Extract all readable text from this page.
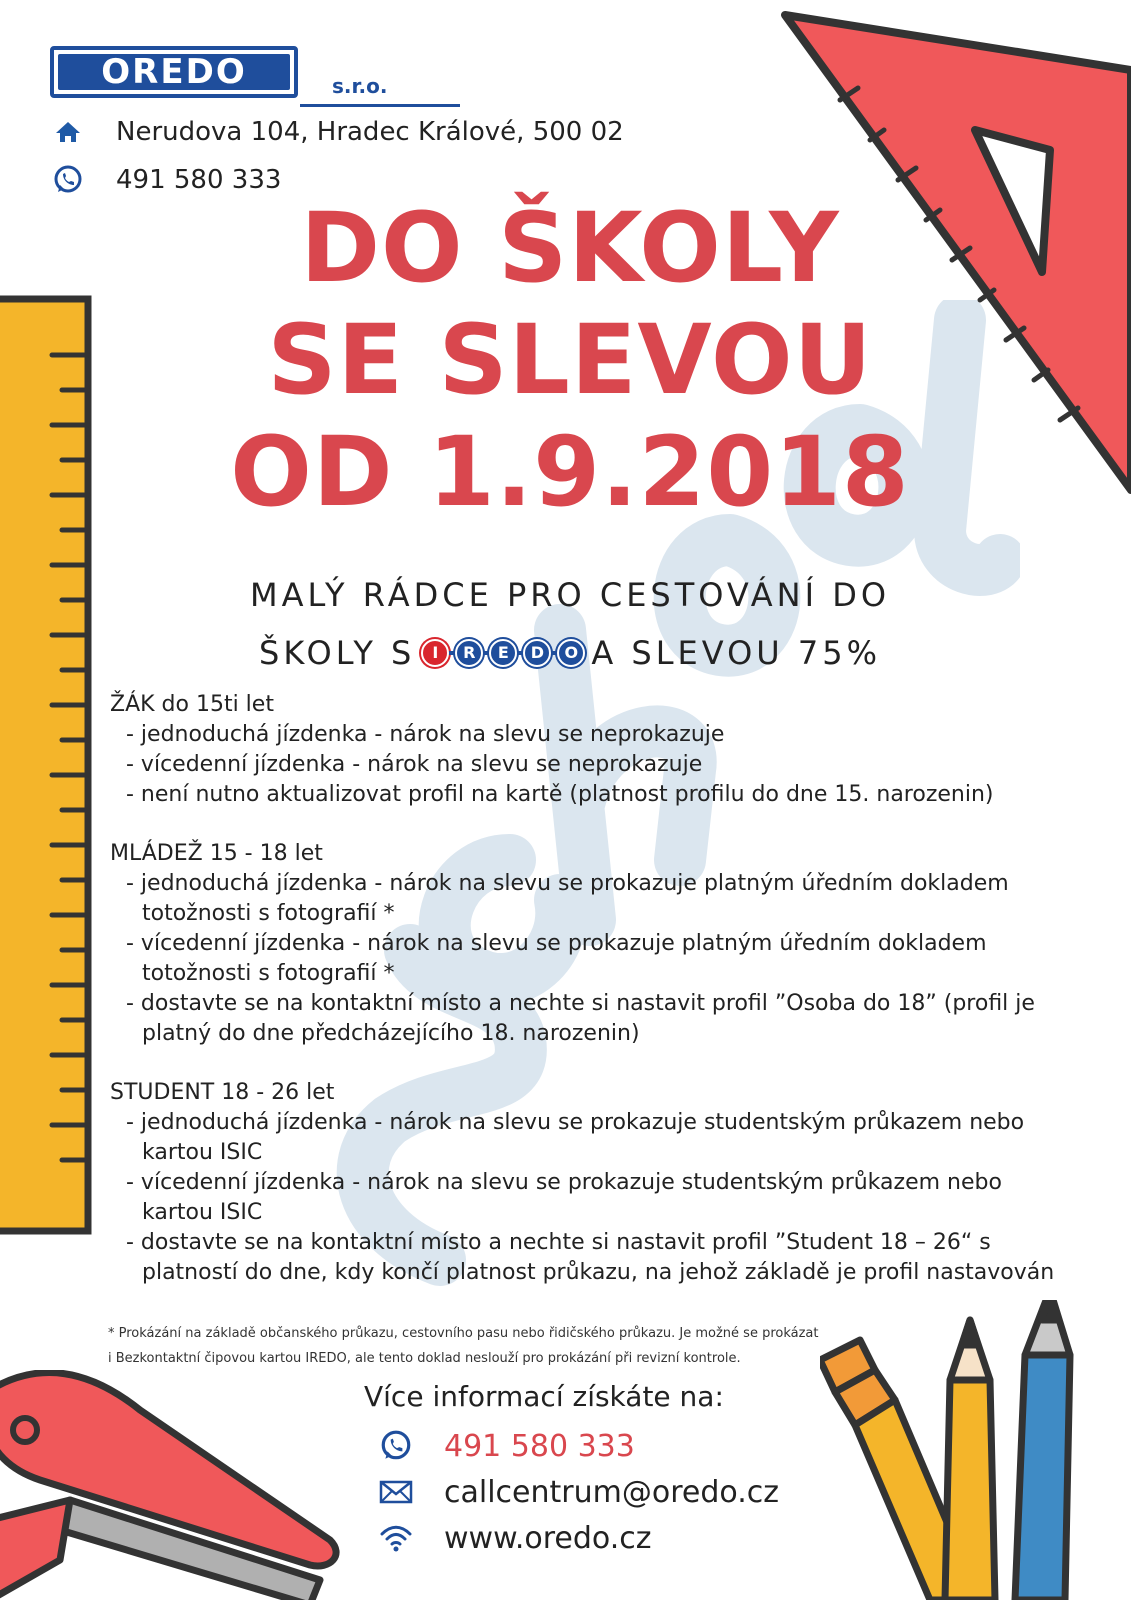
OREDO	s.r.o.
Nerudova 104, Hradec Králové, 500 02
491 580 333
DO ŠKOLY
SE SLEVOU
OD 1.9.2018
MALÝ RÁDCE PRO CESTOVÁNÍ DO
ŠKOLY S	I	R	E	D	O A SLEVOU 75%
ŽÁK do 15ti let
- jednoduchá jízdenka - nárok na slevu se neprokazuje
- vícedenní jízdenka - nárok na slevu se neprokazuje
- není nutno aktualizovat profil na kartě (platnost profilu do dne 15. narozenin)
MLÁDEŽ 15 - 18 let
- jednoduchá jízdenka - nárok na slevu se prokazuje platným úředním dokladem totožnosti s fotografií *
- vícedenní jízdenka - nárok na slevu se prokazuje platným úředním dokladem totožnosti s fotografií *
- dostavte se na kontaktní místo a nechte si nastavit profil ”Osoba do 18” (profil je platný do dne předcházejícího 18. narozenin)
STUDENT 18 - 26 let
- jednoduchá jízdenka - nárok na slevu se prokazuje studentským průkazem nebo kartou ISIC
- vícedenní jízdenka - nárok na slevu se prokazuje studentským průkazem nebo kartou ISIC
- dostavte se na kontaktní místo a nechte si nastavit profil ”Student 18 – 26“ s platností do dne, kdy končí platnost průkazu, na jehož základě je profil nastavován
* Prokázání na základě občanského průkazu, cestovního pasu nebo řidičského průkazu. Je možné se prokázat
i Bezkontaktní čipovou kartou IREDO, ale tento doklad neslouží pro prokázání při revizní kontrole.
Více informací získáte na:
491 580 333
callcentrum@oredo.cz
www.oredo.cz
